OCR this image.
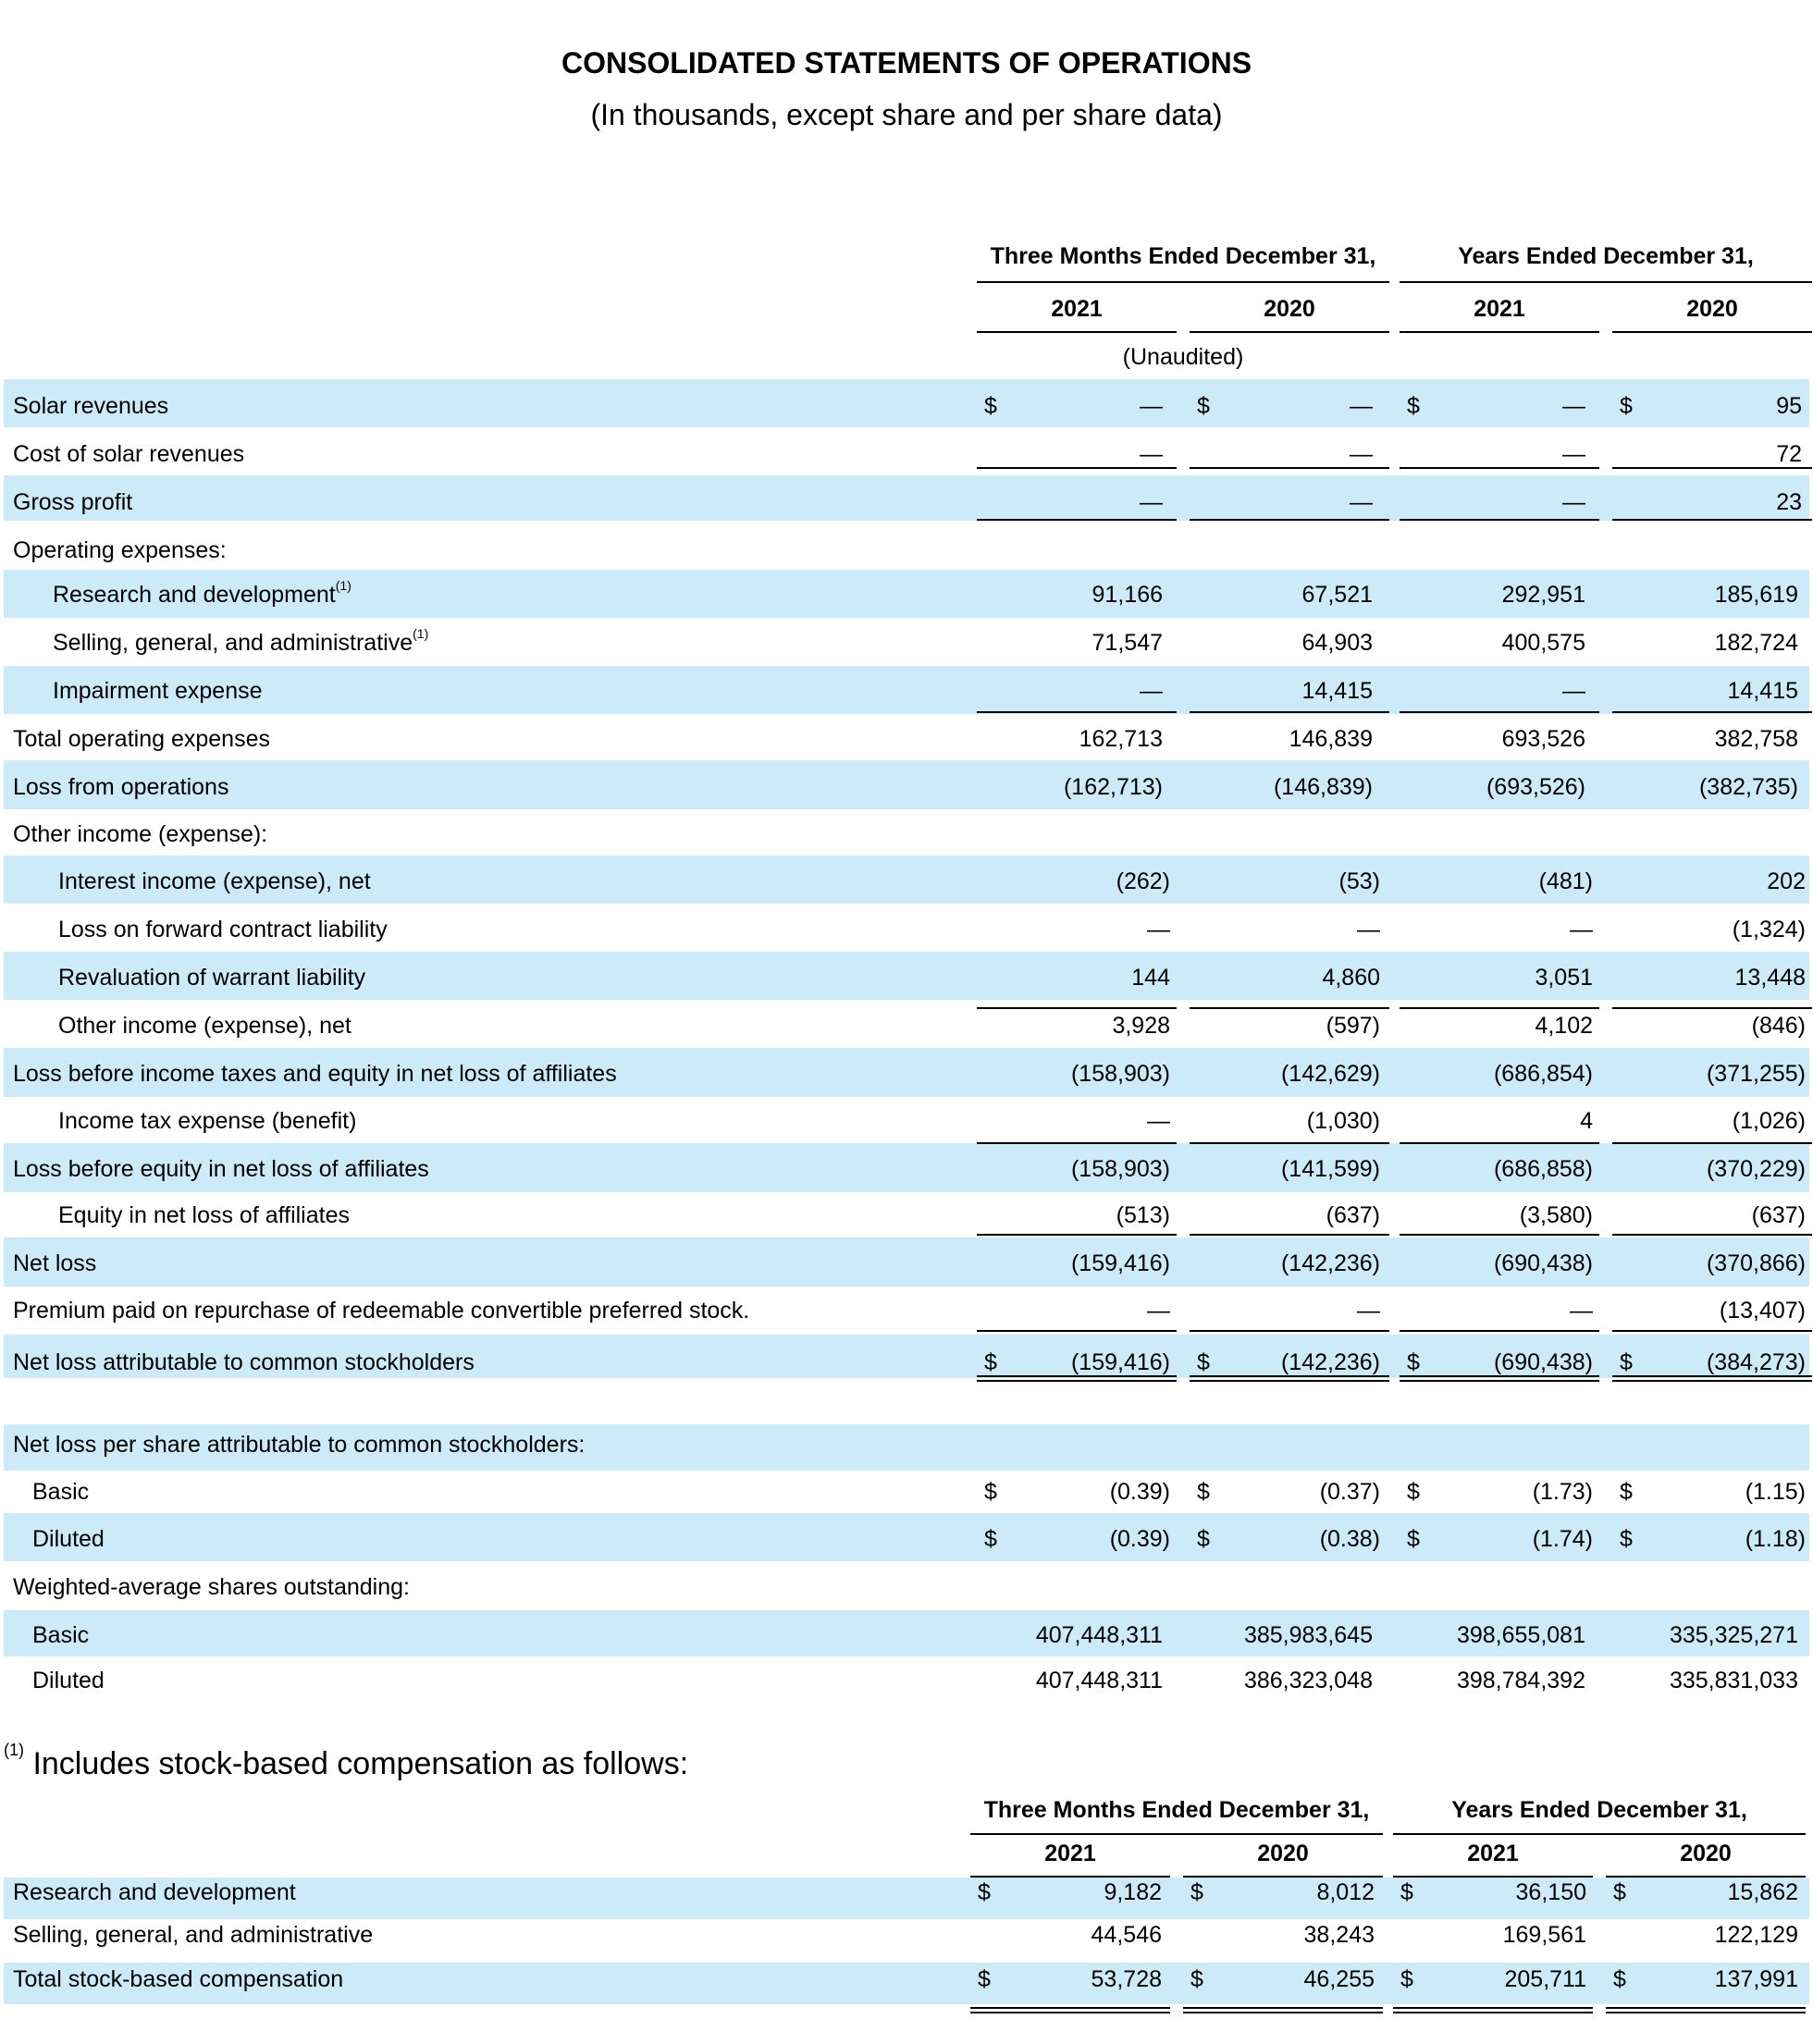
CONSOLIDATED STATEMENTS OF OPERATIONS
(In thousands, except share and per share data)
Three Months Ended December 31,	Years Ended December 31,
2021	2020	2021	2020
(Unaudited)
Solar revenues	$	— $	— $	— $	95
Cost of solar revenues	—	—	—	72
Gross profit	—	—	—	23
Operating expenses:
Research and development$^{(1)}$	91,166	67,521	292,951	185,619
Selling, general, and administrative$^{(1)}$	71,547	64,903	400,575	182,724
Impairment expense	—	14,415	—	14,415
Total operating expenses	162,713	146,839	693,526	382,758
Loss from operations	(162,713)	(146,839)	(693,526)	(382,735)
Other income (expense):
Interest income (expense), net	(262)	(53)	(481)	202
Loss on forward contract liability	—	—	—	(1,324)
Revaluation of warrant liability	144	4,860	3,051	13,448
Other income (expense), net	3,928	(597)	4,102	(846)
Loss before income taxes and equity in net loss of affiliates	(158,903)	(142,629)	(686,854)	(371,255)
Income tax expense (benefit)	—	(1,030)	4	(1,026)
Loss before equity in net loss of affiliates	(158,903)	(141,599)	(686,858)	(370,229)
Equity in net loss of affiliates	(513)	(637)	(3,580)	(637)
Net loss	(159,416)	(142,236)	(690,438)	(370,866)
Premium paid on repurchase of redeemable convertible preferred stock.	—	—	—	(13,407)
Net loss attributable to common stockholders	$	(159,416) $	(142,236) $	(690,438) $	(384,273)
Net loss per share attributable to common stockholders:
Basic	$	(0.39) $	(0.37) $	(1.73) $	(1.15)
Diluted	$	(0.39) $	(0.38) $	(1.74) $	(1.18)
Weighted-average shares outstanding:
Basic	407,448,311	385,983,645	398,655,081	335,325,271
Diluted	407,448,311	386,323,048	398,784,392	335,831,033
$^{(1)}$ Includes stock-based compensation as follows:
Three Months Ended December 31,	Years Ended December 31,
2021	2020	2021	2020
Research and development	$	9,182 $	8,012 $	36,150 $	15,862
Selling, general, and administrative	44,546	38,243	169,561	122,129
Total stock-based compensation	$	53,728 $	46,255 $	205,711 $	137,991
